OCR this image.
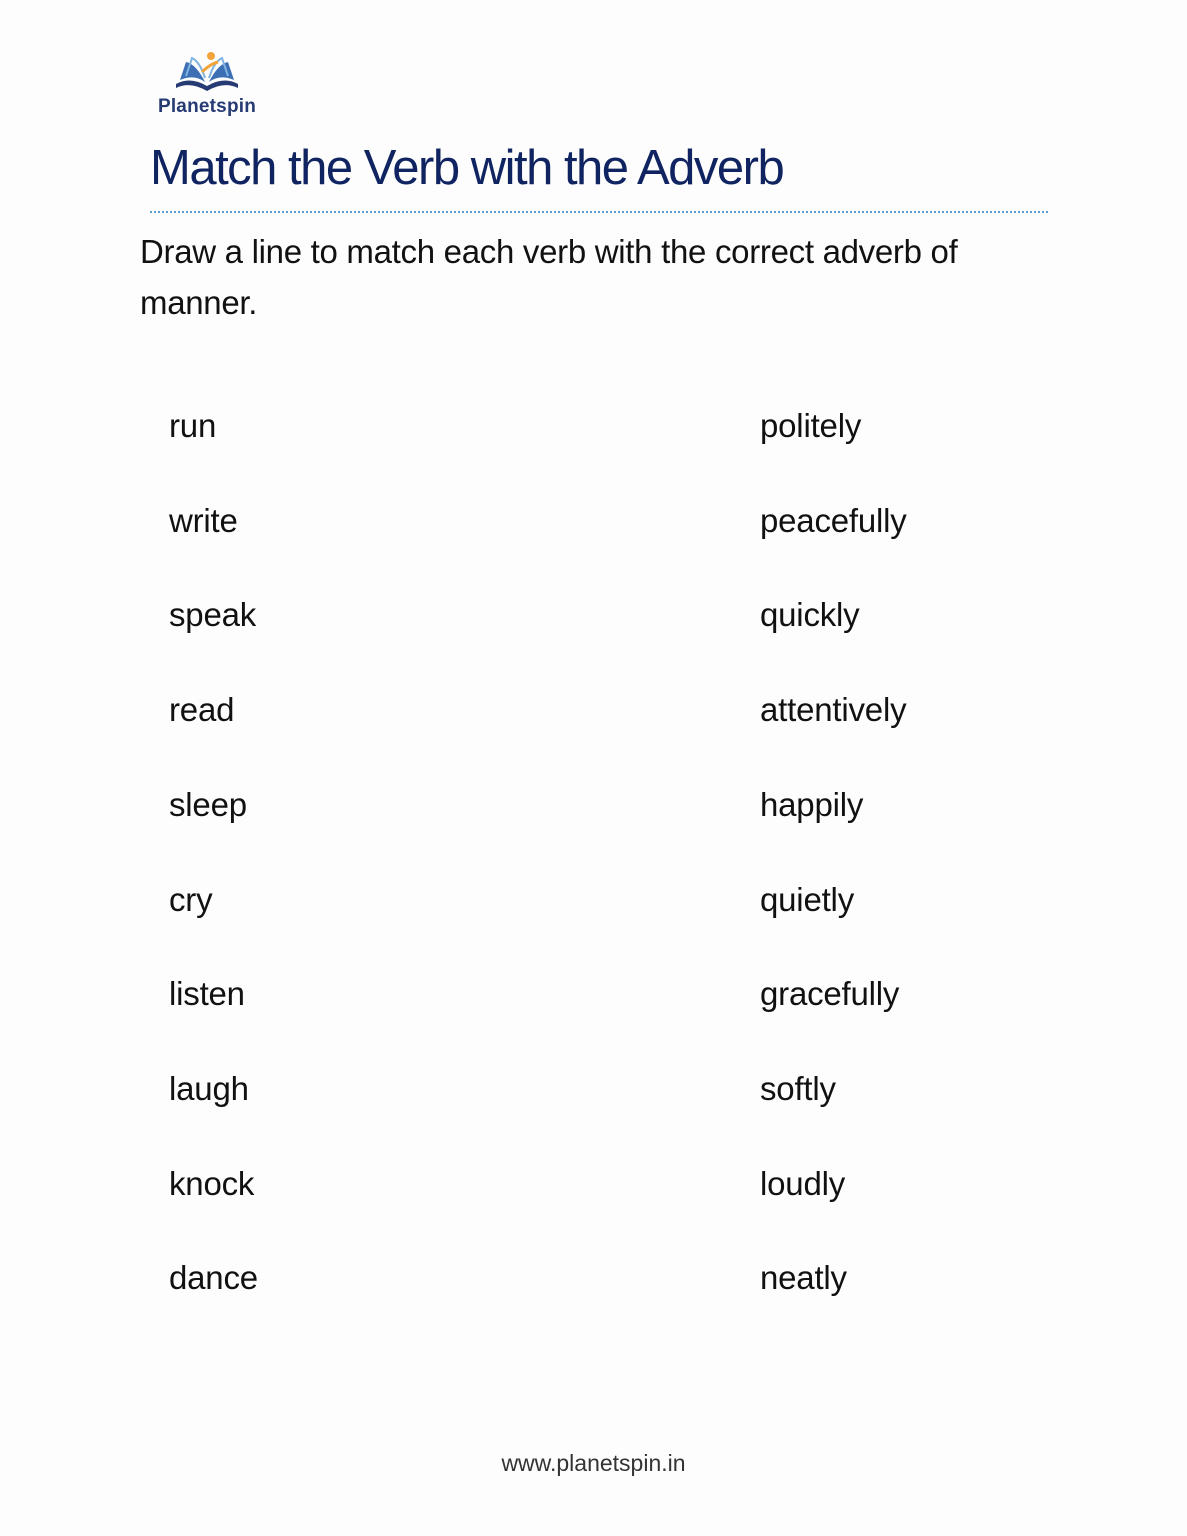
Planetspin
Match the Verb with the Adverb
Draw a line to match each verb with the correct adverb of manner.
run
write
speak
read
sleep
cry
listen
laugh
knock
dance
politely
peacefully
quickly
attentively
happily
quietly
gracefully
softly
loudly
neatly
www.planetspin.in
